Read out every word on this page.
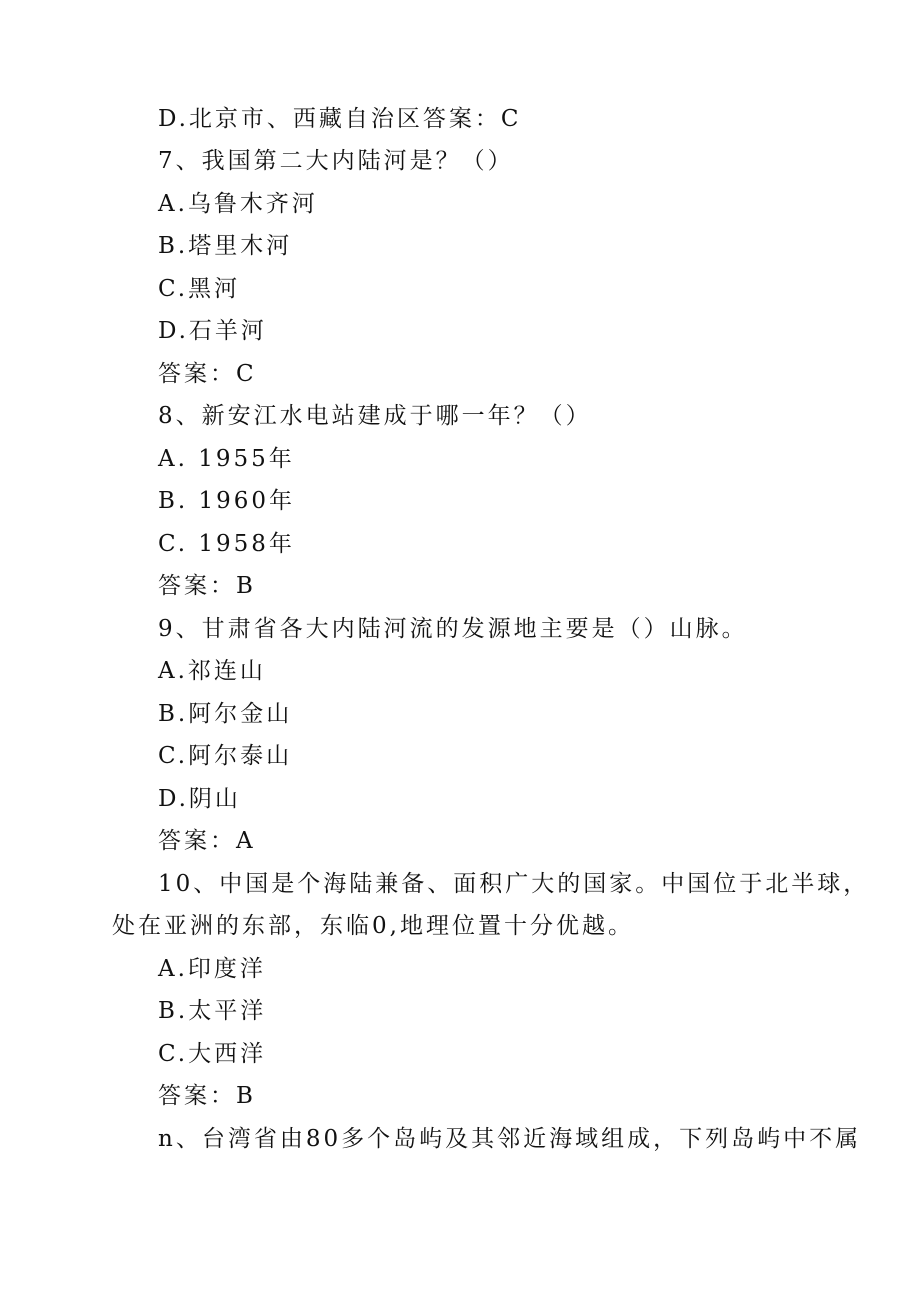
D.北京市、西藏自治区答案：C
7、我国第二大内陆河是？（）
A.乌鲁木齐河
B.塔里木河
C.黑河
D.石羊河
答案：C
8、新安江水电站建成于哪一年？（）
A. 1955年
B. 1960年
C. 1958年
答案：B
9、甘肃省各大内陆河流的发源地主要是（）山脉。
A.祁连山
B.阿尔金山
C.阿尔泰山
D.阴山
答案：A
10、中国是个海陆兼备、面积广大的国家。中国位于北半球，
处在亚洲的东部，东临0,地理位置十分优越。
A.印度洋
B.太平洋
C.大西洋
答案：B
n、台湾省由80多个岛屿及其邻近海域组成，下列岛屿中不属
